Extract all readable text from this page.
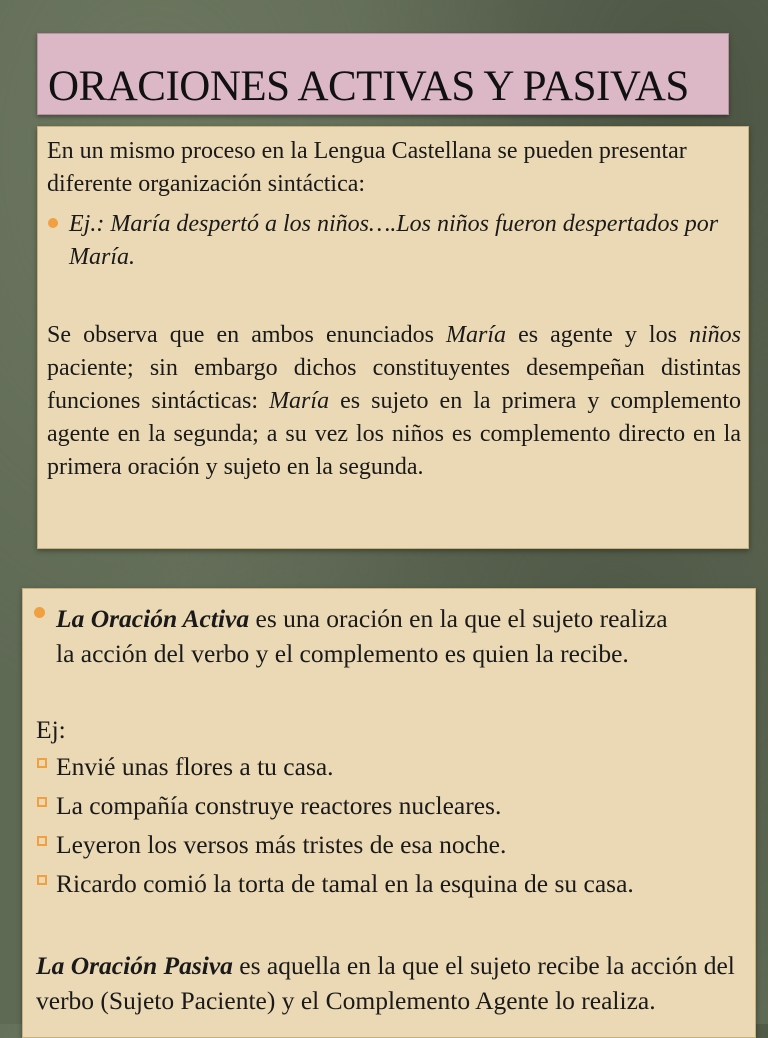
ORACIONES ACTIVAS Y PASIVAS

En un mismo proceso en la Lengua Castellana se pueden presentar diferente organización sintáctica:

Ej.: María despertó a los niños….Los niños fueron despertados por María.

Se observa que en ambos enunciados María es agente y los niños paciente; sin embargo dichos constituyentes desempeñan distintas funciones sintácticas: María es sujeto en la primera y complemento agente en la segunda; a su vez los niños es complemento directo en la primera oración y sujeto en la segunda.

La Oración Activa es una oración en la que el sujeto realiza la acción del verbo y el complemento es quien la recibe.

Ej:

Envié unas flores a tu casa.
La compañía construye reactores nucleares.
Leyeron los versos más tristes de esa noche.
Ricardo comió la torta de tamal en la esquina de su casa.

La Oración Pasiva es aquella en la que el sujeto recibe la acción del verbo (Sujeto Paciente) y el Complemento Agente lo realiza.
